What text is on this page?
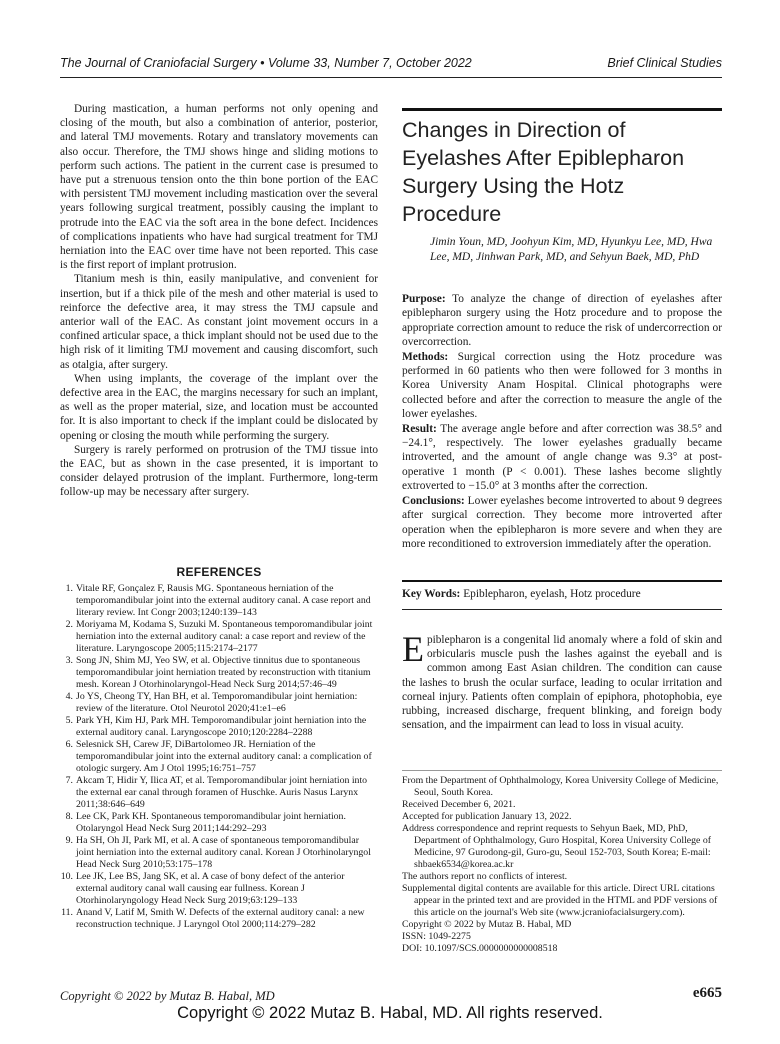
The Journal of Craniofacial Surgery • Volume 33, Number 7, October 2022	Brief Clinical Studies

During mastication, a human performs not only opening and closing of the mouth, but also a combination of anterior, posterior, and lateral TMJ movements. Rotary and translatory movements can also occur. Therefore, the TMJ shows hinge and sliding motions to perform such actions. The patient in the current case is presumed to have put a strenuous tension onto the thin bone portion of the EAC with persistent TMJ movement including mastication over the several years following surgical treatment, possibly causing the implant to protrude into the EAC via the soft area in the bone defect. Incidences of complications inpatients who have had surgical treatment for TMJ herniation into the EAC over time have not been reported. This case is the first report of implant protrusion.

Titanium mesh is thin, easily manipulative, and convenient for insertion, but if a thick pile of the mesh and other material is used to reinforce the defective area, it may stress the TMJ capsule and anterior wall of the EAC. As constant joint movement occurs in a confined articular space, a thick implant should not be used due to the high risk of it limiting TMJ movement and causing discomfort, such as otalgia, after surgery.

When using implants, the coverage of the implant over the defective area in the EAC, the margins necessary for such an implant, as well as the proper material, size, and location must be accounted for. It is also important to check if the implant could be dislocated by opening or closing the mouth while performing the surgery.

Surgery is rarely performed on protrusion of the TMJ tissue into the EAC, but as shown in the case presented, it is important to consider delayed protrusion of the implant. Furthermore, long-term follow-up may be necessary after surgery.

REFERENCES
1. Vitale RF, Gonçalez F, Rausis MG. Spontaneous herniation of the temporomandibular joint into the external auditory canal. A case report and literary review. Int Congr 2003;1240:139–143
2. Moriyama M, Kodama S, Suzuki M. Spontaneous temporomandibular joint herniation into the external auditory canal: a case report and review of the literature. Laryngoscope 2005;115:2174–2177
3. Song JN, Shim MJ, Yeo SW, et al. Objective tinnitus due to spontaneous temporomandibular joint herniation treated by reconstruction with titanium mesh. Korean J Otorhinolaryngol-Head Neck Surg 2014;57:46–49
4. Jo YS, Cheong TY, Han BH, et al. Temporomandibular joint herniation: review of the literature. Otol Neurotol 2020;41:e1–e6
5. Park YH, Kim HJ, Park MH. Temporomandibular joint herniation into the external auditory canal. Laryngoscope 2010;120:2284–2288
6. Selesnick SH, Carew JF, DiBartolomeo JR. Herniation of the temporomandibular joint into the external auditory canal: a complication of otologic surgery. Am J Otol 1995;16:751–757
7. Akcam T, Hidir Y, Ilica AT, et al. Temporomandibular joint herniation into the external ear canal through foramen of Huschke. Auris Nasus Larynx 2011;38:646–649
8. Lee CK, Park KH. Spontaneous temporomandibular joint herniation. Otolaryngol Head Neck Surg 2011;144:292–293
9. Ha SH, Oh JI, Park MI, et al. A case of spontaneous temporomandibular joint herniation into the external auditory canal. Korean J Otorhinolaryngol Head Neck Surg 2010;53:175–178
10. Lee JK, Lee BS, Jang SK, et al. A case of bony defect of the anterior external auditory canal wall causing ear fullness. Korean J Otorhinolaryngology Head Neck Surg 2019;63:129–133
11. Anand V, Latif M, Smith W. Defects of the external auditory canal: a new reconstruction technique. J Laryngol Otol 2000;114:279–282
Changes in Direction of Eyelashes After Epiblepharon Surgery Using the Hotz Procedure
Jimin Youn, MD, Joohyun Kim, MD, Hyunkyu Lee, MD, Hwa Lee, MD, Jinhwan Park, MD, and Sehyun Baek, MD, PhD

Purpose: To analyze the change of direction of eyelashes after epiblepharon surgery using the Hotz procedure and to propose the appropriate correction amount to reduce the risk of undercorrection or overcorrection.

Methods: Surgical correction using the Hotz procedure was performed in 60 patients who then were followed for 3 months in Korea University Anam Hospital. Clinical photographs were collected before and after the correction to measure the angle of the lower eyelashes.

Result: The average angle before and after correction was 38.5° and −24.1°, respectively. The lower eyelashes gradually became introverted, and the amount of angle change was 9.3° at post-operative 1 month (P < 0.001). These lashes become slightly extroverted to −15.0° at 3 months after the correction.

Conclusions: Lower eyelashes become introverted to about 9 degrees after surgical correction. They become more introverted after operation when the epiblepharon is more severe and when they are more reconditioned to extroversion immediately after the operation.

Key Words: Epiblepharon, eyelash, Hotz procedure
Epiblepharon is a congenital lid anomaly where a fold of skin and orbicularis muscle push the lashes against the eyeball and is common among East Asian children. The condition can cause the lashes to brush the ocular surface, leading to ocular irritation and corneal injury. Patients often complain of epiphora, photophobia, eye rubbing, increased discharge, frequent blinking, and foreign body sensation, and the impairment can lead to loss in visual acuity.
From the Department of Ophthalmology, Korea University College of Medicine, Seoul, South Korea.
Received December 6, 2021.
Accepted for publication January 13, 2022.
Address correspondence and reprint requests to Sehyun Baek, MD, PhD, Department of Ophthalmology, Guro Hospital, Korea University College of Medicine, 97 Gurodong-gil, Guro-gu, Seoul 152-703, South Korea; E-mail: shbaek6534@korea.ac.kr
The authors report no conflicts of interest.
Supplemental digital contents are available for this article. Direct URL citations appear in the printed text and are provided in the HTML and PDF versions of this article on the journal's Web site (www.jcraniofacialsurgery.com).
Copyright © 2022 by Mutaz B. Habal, MD
ISSN: 1049-2275
DOI: 10.1097/SCS.0000000000008518
Copyright © 2022 by Mutaz B. Habal, MD	e665
Copyright © 2022 Mutaz B. Habal, MD. All rights reserved.
